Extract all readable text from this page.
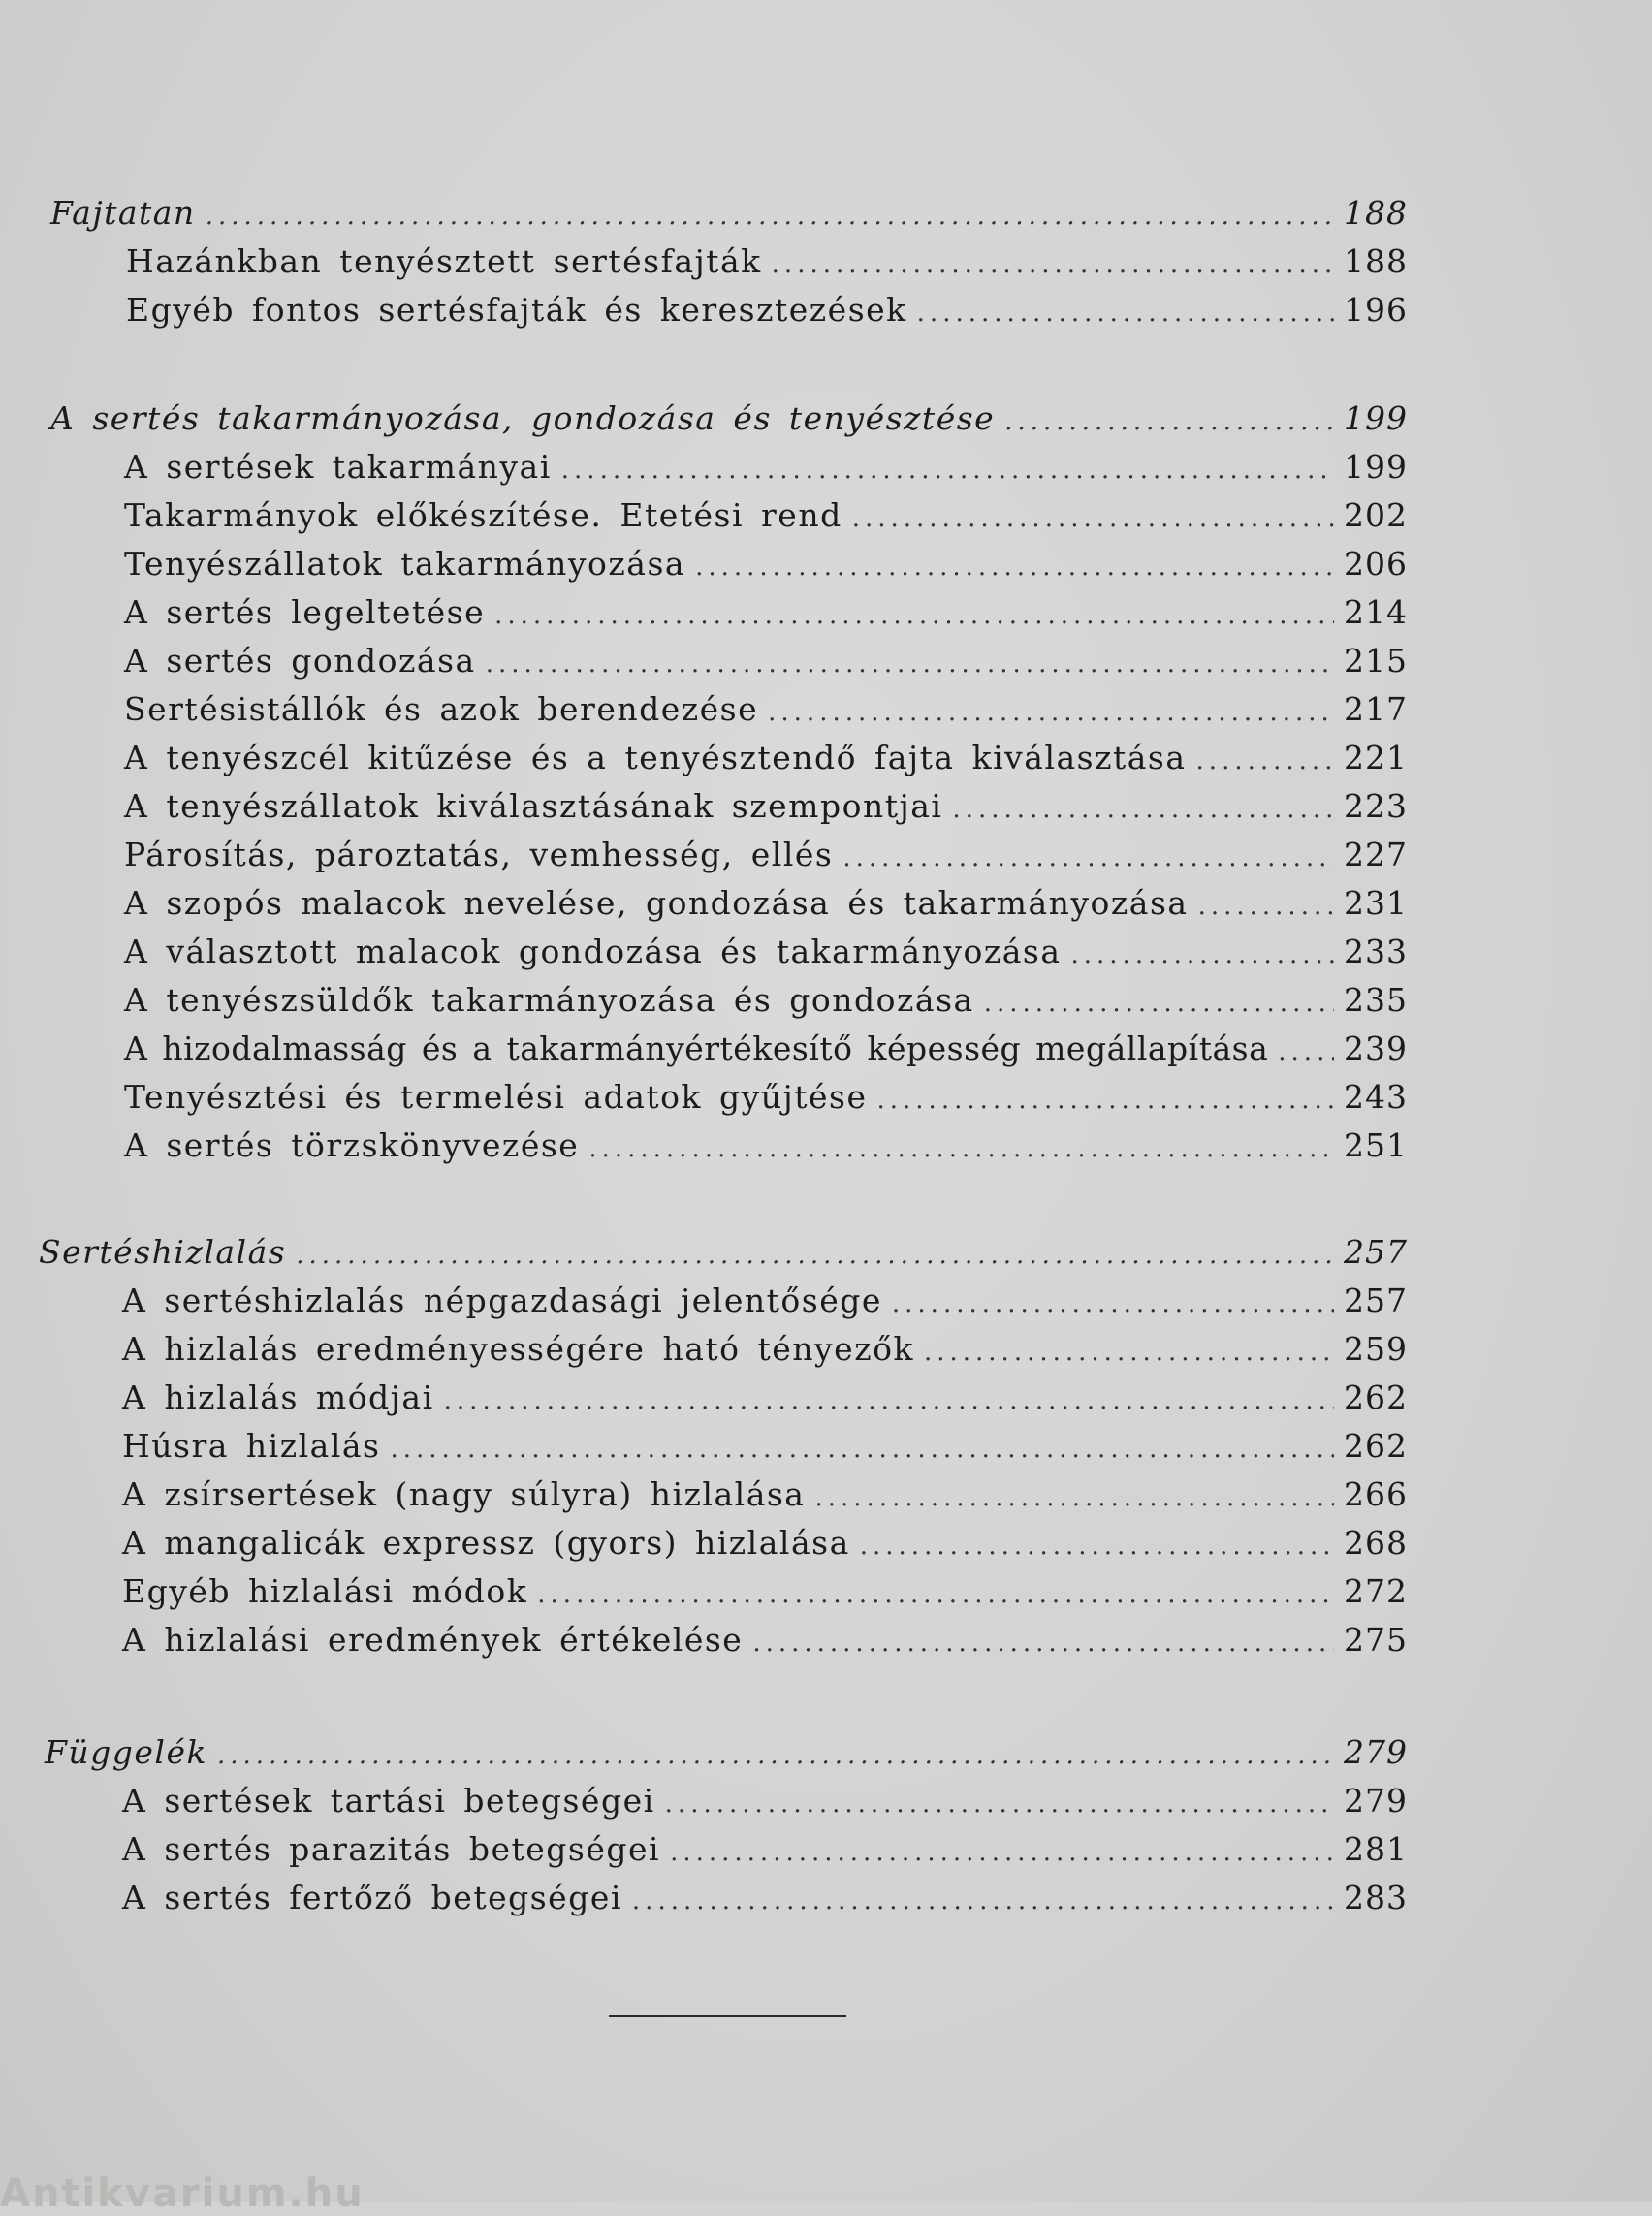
Fajtatan .....	188
Hazánkban tenyésztett sertésfajták .....	188
Egyéb fontos sertésfajták és keresztezések .....	196
A sertés takarmányozása, gondozása és tenyésztése .....	199
A sertések takarmányai .....	199
Takarmányok előkészítése. Etetési rend .....	202
Tenyészállatok takarmányozása .....	206
A sertés legeltetése .....	214
A sertés gondozása .....	215
Sertésistállók és azok berendezése .....	217
A tenyészcél kitűzése és a tenyésztendő fajta kiválasztása .....	221
A tenyészállatok kiválasztásának szempontjai .....	223
Párosítás, pároztatás, vemhesség, ellés .....	227
A szopós malacok nevelése, gondozása és takarmányozása .....	231
A választott malacok gondozása és takarmányozása .....	233
A tenyészsüldők takarmányozása és gondozása .....	235
A hizodalmasság és a takarmányértékesítő képesség megállapítása ..... 239
Tenyésztési és termelési adatok gyűjtése .....	243
A sertés törzskönyvezése .....	251
Sertéshizlalás .....	257
A sertéshizlalás népgazdasági jelentősége .....	257
A hizlalás eredményességére ható tényezők .....	259
A hizlalás módjai .....	262
Húsra hizlalás .....	262
A zsírsertések (nagy súlyra) hizlalása .....	266
A mangalicák expressz (gyors) hizlalása .....	268
Egyéb hizlalási módok .....	272
A hizlalási eredmények értékelése .....	275
Függelék .....	279
A sertések tartási betegségei .....	279
A sertés parazitás betegségei .....	281
A sertés fertőző betegségei .....	283
Antikvarium.hu
